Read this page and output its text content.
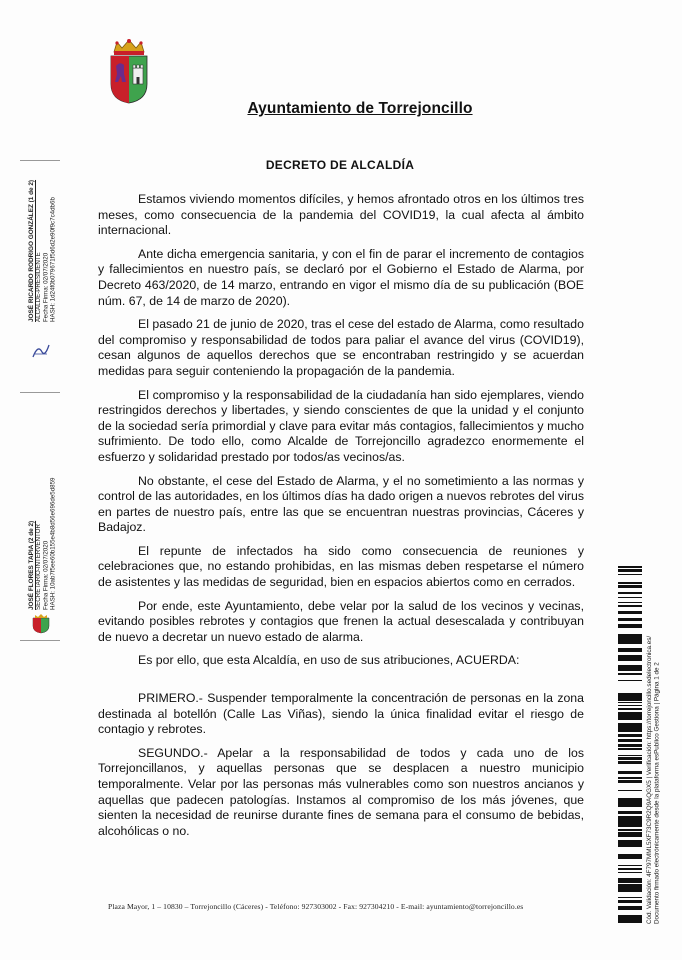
Ayuntamiento de Torrejoncillo
DECRETO DE ALCALDÍA

Estamos viviendo momentos difíciles, y hemos afrontado otros en los últimos tres meses, como consecuencia de la pandemia del COVID19, la cual afecta al ámbito internacional.

Ante dicha emergencia sanitaria, y con el fin de parar el incremento de contagios y fallecimientos en nuestro país, se declaró por el Gobierno el Estado de Alarma, por Decreto 463/2020, de 14 marzo, entrando en vigor el mismo día de su publicación (BOE núm. 67, de 14 de marzo de 2020).

El pasado 21 de junio de 2020, tras el cese del estado de Alarma, como resultado del compromiso y responsabilidad de todos para paliar el avance del virus (COVID19), cesan algunos de aquellos derechos que se encontraban restringido y se acuerdan medidas para seguir conteniendo la propagación de la pandemia.

El compromiso y la responsabilidad de la ciudadanía han sido ejemplares, viendo restringidos derechos y libertades, y siendo conscientes de que la unidad y el conjunto de la sociedad sería primordial y clave para evitar más contagios, fallecimientos y mucho sufrimiento. De todo ello, como Alcalde de Torrejoncillo agradezco enormemente el esfuerzo y solidaridad prestado por todos/as vecinos/as.

No obstante, el cese del Estado de Alarma, y el no sometimiento a las normas y control de las autoridades, en los últimos días ha dado origen a nuevos rebrotes del virus en partes de nuestro país, entre las que se encuentran nuestras provincias, Cáceres y Badajoz.

El repunte de infectados ha sido como consecuencia de reuniones y celebraciones que, no estando prohibidas, en las mismas deben respetarse el número de asistentes y las medidas de seguridad, bien en espacios abiertos como en cerrados.

Por ende, este Ayuntamiento, debe velar por la salud de los vecinos y vecinas, evitando posibles rebrotes y contagios que frenen la actual desescalada y contribuyan de nuevo a decretar un nuevo estado de alarma.

Es por ello, que esta Alcaldía, en uso de sus atribuciones, ACUERDA:

PRIMERO.- Suspender temporalmente la concentración de personas en la zona destinada al botellón (Calle Las Viñas), siendo la única finalidad evitar el riesgo de contagio y rebrotes.

SEGUNDO.- Apelar a la responsabilidad de todos y cada uno de los Torrejoncillanos, y aquellas personas que se desplacen a nuestro municipio temporalmente. Velar por las personas más vulnerables como son nuestros ancianos y aquellas que padecen patologías. Instamos al compromiso de los más jóvenes, que sienten la necesidad de reunirse durante fines de semana para el consumo de bebidas, alcohólicas o no.

JOSÉ RICARDO RODRIGO GONZÁLEZ (1 de 2) ALCALDE-PRESIDENTE Fecha Firma: 02/07/2020 HASH: 1d24f0b079671f5d6d2e90f9c7c4db6b
JOSÉ FLORES TAPIA (2 de 2) SECRETARIO-INTERVENTOR Fecha Firma: 02/07/2020 HASH: 10ab7f5ee60b155e4b8d56e696de5d859
Cód. Validación: 4F797MML5XF73C9R2Q9AQGX5 | Verificación: https://torrejoncillo.sedelectronica.es/ Documento firmado electrónicamente desde la plataforma esPublico Gestiona | Página 1 de 2
Plaza Mayor, 1 – 10830 – Torrejoncillo (Cáceres) - Teléfono: 927303002 - Fax: 927304210 - E-mail: ayuntamiento@torrejoncillo.es
